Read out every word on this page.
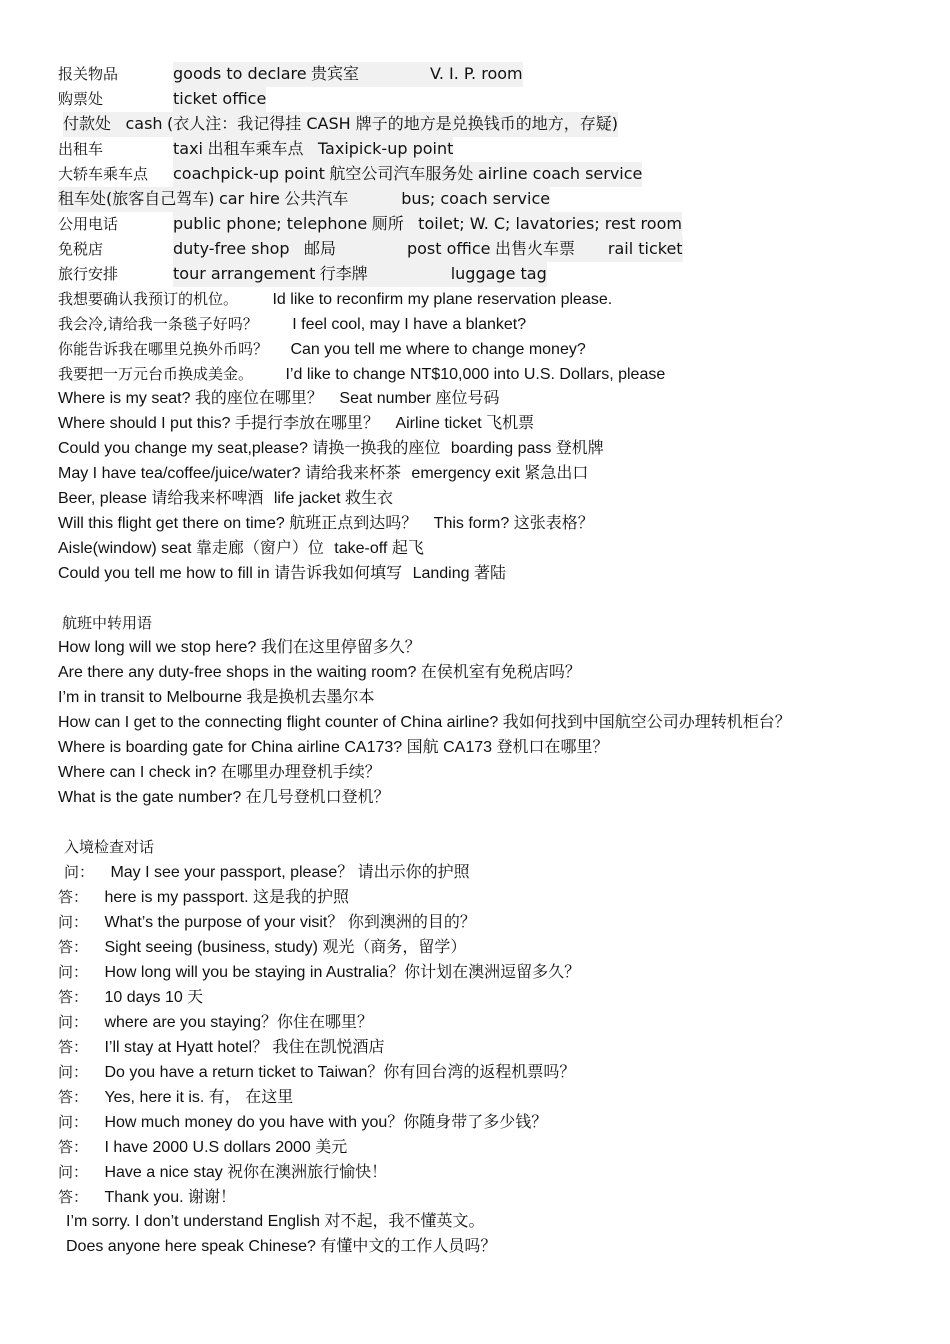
报关物品	goods to declare 贵宾室	V. I. P. room
购票处	ticket office
付款处 cash (衣人注：我记得挂 CASH 牌子的地方是兑换钱币的地方，存疑)
出租车	taxi 出租车乘车点 Taxipick-up point
大轿车乘车点 coachpick-up point 航空公司汽车服务处 airline coach service
租车处(旅客自己驾车) car hire 公共汽车	bus; coach service
公用电话	public phone; telephone 厕所 toilet; W. C; lavatories; rest room
免税店	duty-free shop 邮局	post office 出售火车票 rail ticket
旅行安排	tour arrangement 行李牌	luggage tag
我想要确认我预订的机位。 Id like to reconfirm my plane reservation please.
我会冷,请给我一条毯子好吗？ I feel cool, may I have a blanket?
你能告诉我在哪里兑换外币吗？ Can you tell me where to change money?
我要把一万元台币换成美金。 I’d like to change NT$10,000 into U.S. Dollars, please
Where is my seat? 我的座位在哪里？ Seat number 座位号码
Where should I put this? 手提行李放在哪里？ Airline ticket 飞机票
Could you change my seat,please? 请换一换我的座位 boarding pass 登机牌
May I have tea/coffee/juice/water? 请给我来杯茶 emergency exit 紧急出口
Beer, please 请给我来杯啤酒 life jacket 救生衣
Will this flight get there on time? 航班正点到达吗？ This form? 这张表格？
Aisle(window) seat 靠走廊（窗户）位 take-off 起飞
Could you tell me how to fill in 请告诉我如何填写 Landing 著陆
航班中转用语
How long will we stop here? 我们在这里停留多久？
Are there any duty-free shops in the waiting room? 在侯机室有免税店吗？
I’m in transit to Melbourne 我是换机去墨尔本
How can I get to the connecting flight counter of China airline? 我如何找到中国航空公司办理转机柜台？
Where is boarding gate for China airline CA173? 国航 CA173 登机口在哪里？
Where can I check in? 在哪里办理登机手续？
What is the gate number? 在几号登机口登机？
入境检查对话
问： May I see your passport, please？ 请出示你的护照
答： here is my passport. 这是我的护照
问： What’s the purpose of your visit？ 你到澳洲的目的？
答： Sight seeing (business, study) 观光（商务，留学）
问： How long will you be staying in Australia？你计划在澳洲逗留多久？
答： 10 days 10 天
问： where are you staying？你住在哪里？
答： I’ll stay at Hyatt hotel？ 我住在凯悦酒店
问： Do you have a return ticket to Taiwan？你有回台湾的返程机票吗？
答： Yes, here it is. 有， 在这里
问： How much money do you have with you？你随身带了多少钱？
答： I have 2000 U.S dollars 2000 美元
问： Have a nice stay 祝你在澳洲旅行愉快！
答： Thank you. 谢谢！
I’m sorry. I don’t understand English 对不起，我不懂英文。
Does anyone here speak Chinese? 有懂中文的工作人员吗？
